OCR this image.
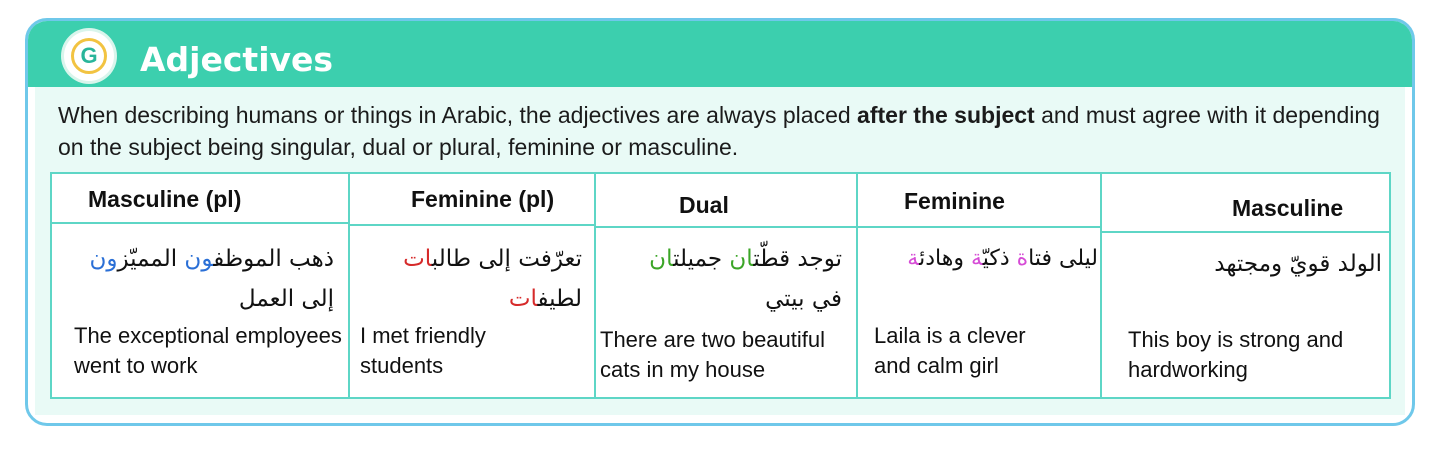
G Adjectives
When describing humans or things in Arabic, the adjectives are always placed after the subject and must agree with it depending on the subject being singular, dual or plural, feminine or masculine.
Masculine (pl)
ذهب الموظفون المميّزون
إلى العمل
The exceptional employees went to work
Feminine (pl)
تعرّفت إلى طالبات
لطيفات
I met friendly students
Dual
توجد قطّتان جميلتان
في بيتي
There are two beautiful cats in my house
Feminine
ليلى فتاة ذكيّة وهادئة
Laila is a clever and calm girl
Masculine
الولد قويّ ومجتهد
This boy is strong and hardworking
